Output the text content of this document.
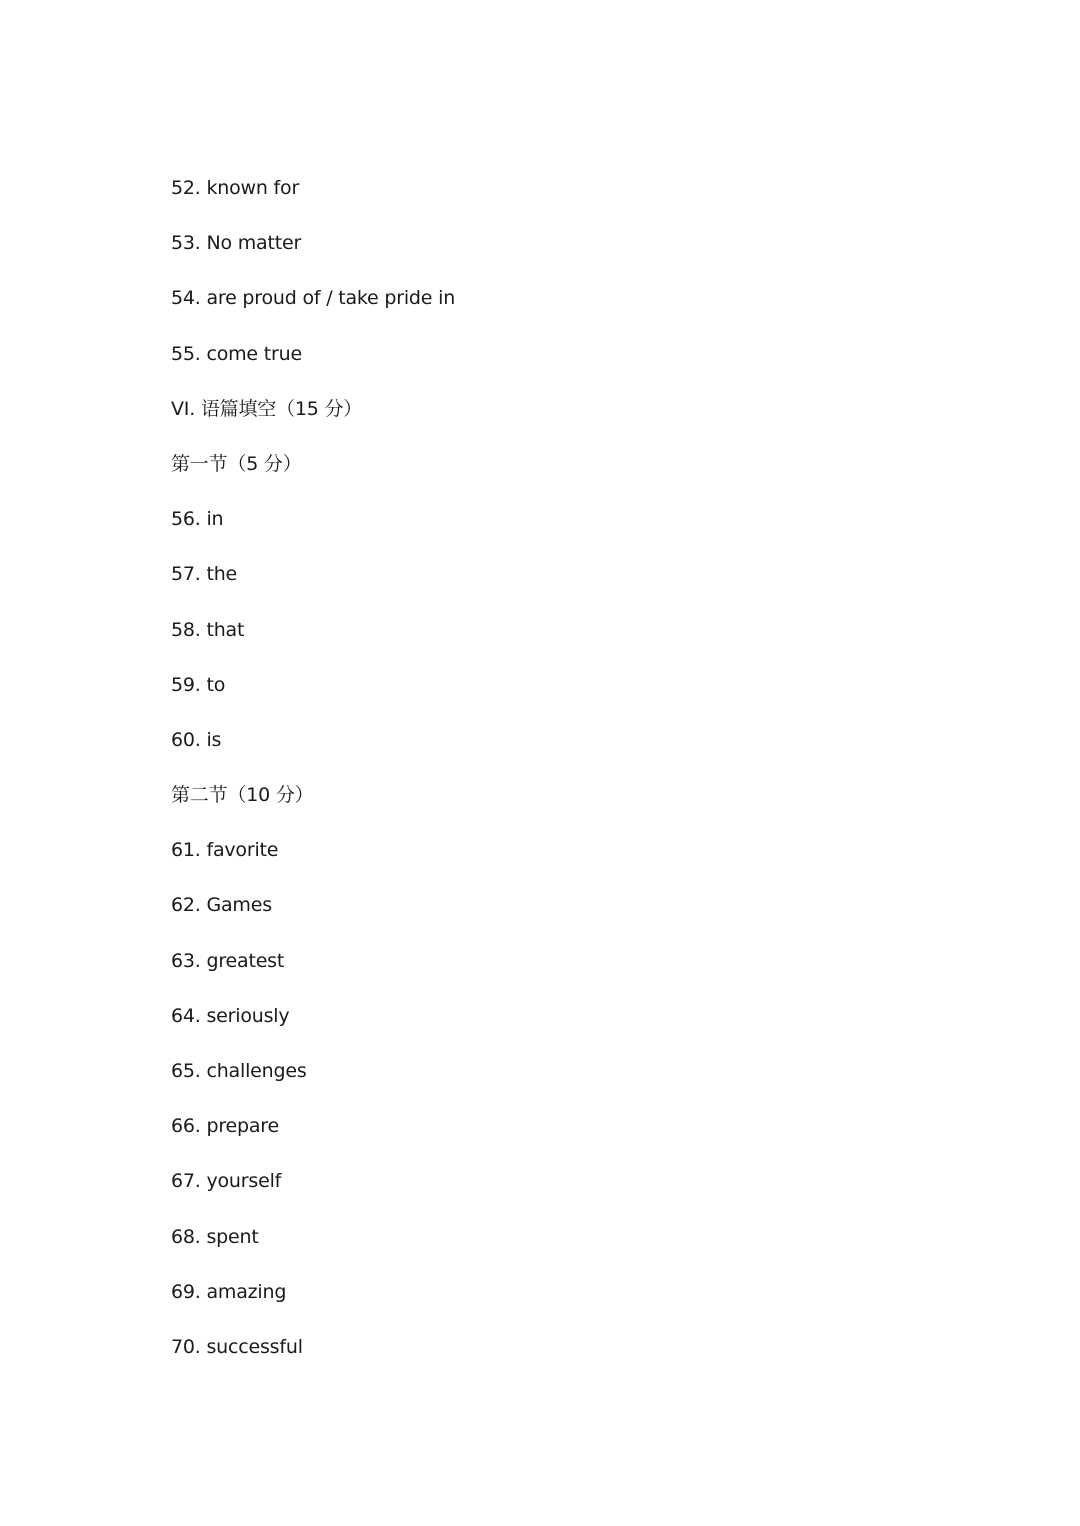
52. known for
53. No matter
54. are proud of / take pride in
55. come true
VI. 语篇填空（15 分）
第一节（5 分）
56. in
57. the
58. that
59. to
60. is
第二节（10 分）
61. favorite
62. Games
63. greatest
64. seriously
65. challenges
66. prepare
67. yourself
68. spent
69. amazing
70. successful
